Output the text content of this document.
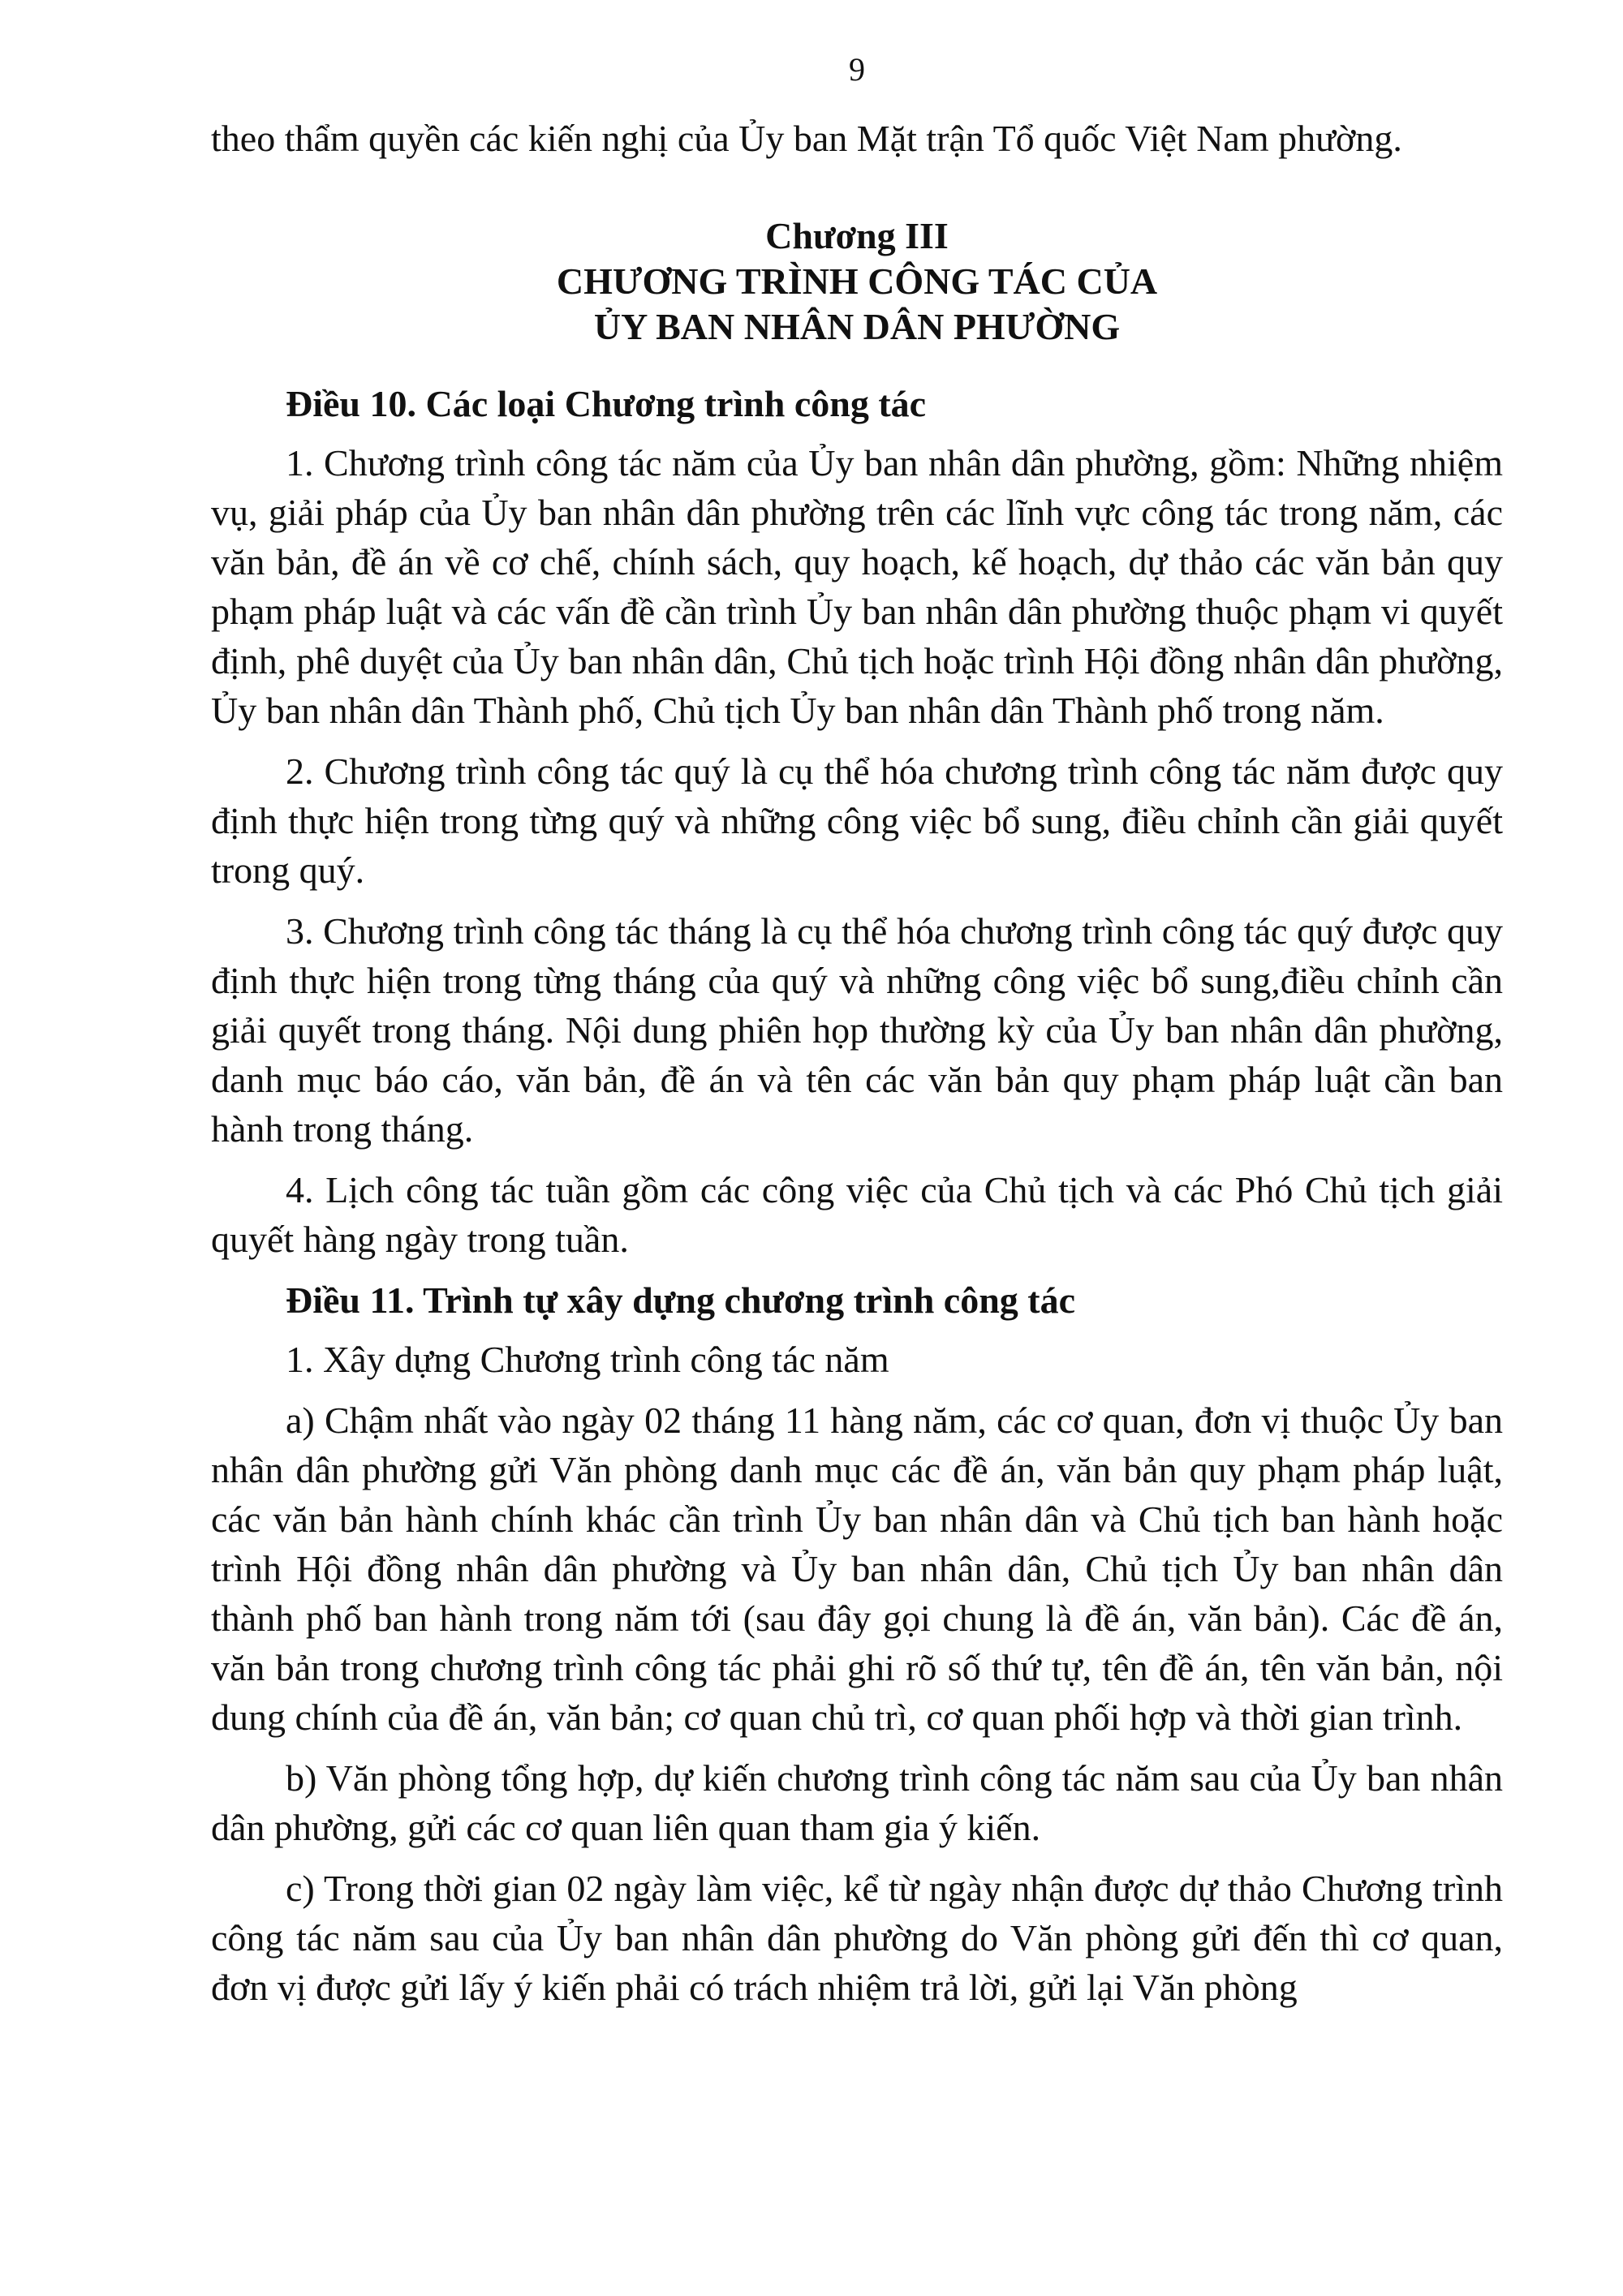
9

theo thẩm quyền các kiến nghị của Ủy ban Mặt trận Tổ quốc Việt Nam phường.

Chương III
CHƯƠNG TRÌNH CÔNG TÁC CỦA
ỦY BAN NHÂN DÂN PHƯỜNG

Điều 10. Các loại Chương trình công tác

1. Chương trình công tác năm của Ủy ban nhân dân phường, gồm: Những nhiệm vụ, giải pháp của Ủy ban nhân dân phường trên các lĩnh vực công tác trong năm, các văn bản, đề án về cơ chế, chính sách, quy hoạch, kế hoạch, dự thảo các văn bản quy phạm pháp luật và các vấn đề cần trình Ủy ban nhân dân phường thuộc phạm vi quyết định, phê duyệt của Ủy ban nhân dân, Chủ tịch hoặc trình Hội đồng nhân dân phường, Ủy ban nhân dân Thành phố, Chủ tịch Ủy ban nhân dân Thành phố trong năm.

2. Chương trình công tác quý là cụ thể hóa chương trình công tác năm được quy định thực hiện trong từng quý và những công việc bổ sung, điều chỉnh cần giải quyết trong quý.

3. Chương trình công tác tháng là cụ thể hóa chương trình công tác quý được quy định thực hiện trong từng tháng của quý và những công việc bổ sung,điều chỉnh cần giải quyết trong tháng. Nội dung phiên họp thường kỳ của Ủy ban nhân dân phường, danh mục báo cáo, văn bản, đề án và tên các văn bản quy phạm pháp luật cần ban hành trong tháng.

4. Lịch công tác tuần gồm các công việc của Chủ tịch và các Phó Chủ tịch giải quyết hàng ngày trong tuần.

Điều 11. Trình tự xây dựng chương trình công tác

1. Xây dựng Chương trình công tác năm

a) Chậm nhất vào ngày 02 tháng 11 hàng năm, các cơ quan, đơn vị thuộc Ủy ban nhân dân phường gửi Văn phòng danh mục các đề án, văn bản quy phạm pháp luật, các văn bản hành chính khác cần trình Ủy ban nhân dân và Chủ tịch ban hành hoặc trình Hội đồng nhân dân phường và Ủy ban nhân dân, Chủ tịch Ủy ban nhân dân thành phố ban hành trong năm tới (sau đây gọi chung là đề án, văn bản). Các đề án, văn bản trong chương trình công tác phải ghi rõ số thứ tự, tên đề án, tên văn bản, nội dung chính của đề án, văn bản; cơ quan chủ trì, cơ quan phối hợp và thời gian trình.

b) Văn phòng tổng hợp, dự kiến chương trình công tác năm sau của Ủy ban nhân dân phường, gửi các cơ quan liên quan tham gia ý kiến.

c) Trong thời gian 02 ngày làm việc, kể từ ngày nhận được dự thảo Chương trình công tác năm sau của Ủy ban nhân dân phường do Văn phòng gửi đến thì cơ quan, đơn vị được gửi lấy ý kiến phải có trách nhiệm trả lời, gửi lại Văn phòng
